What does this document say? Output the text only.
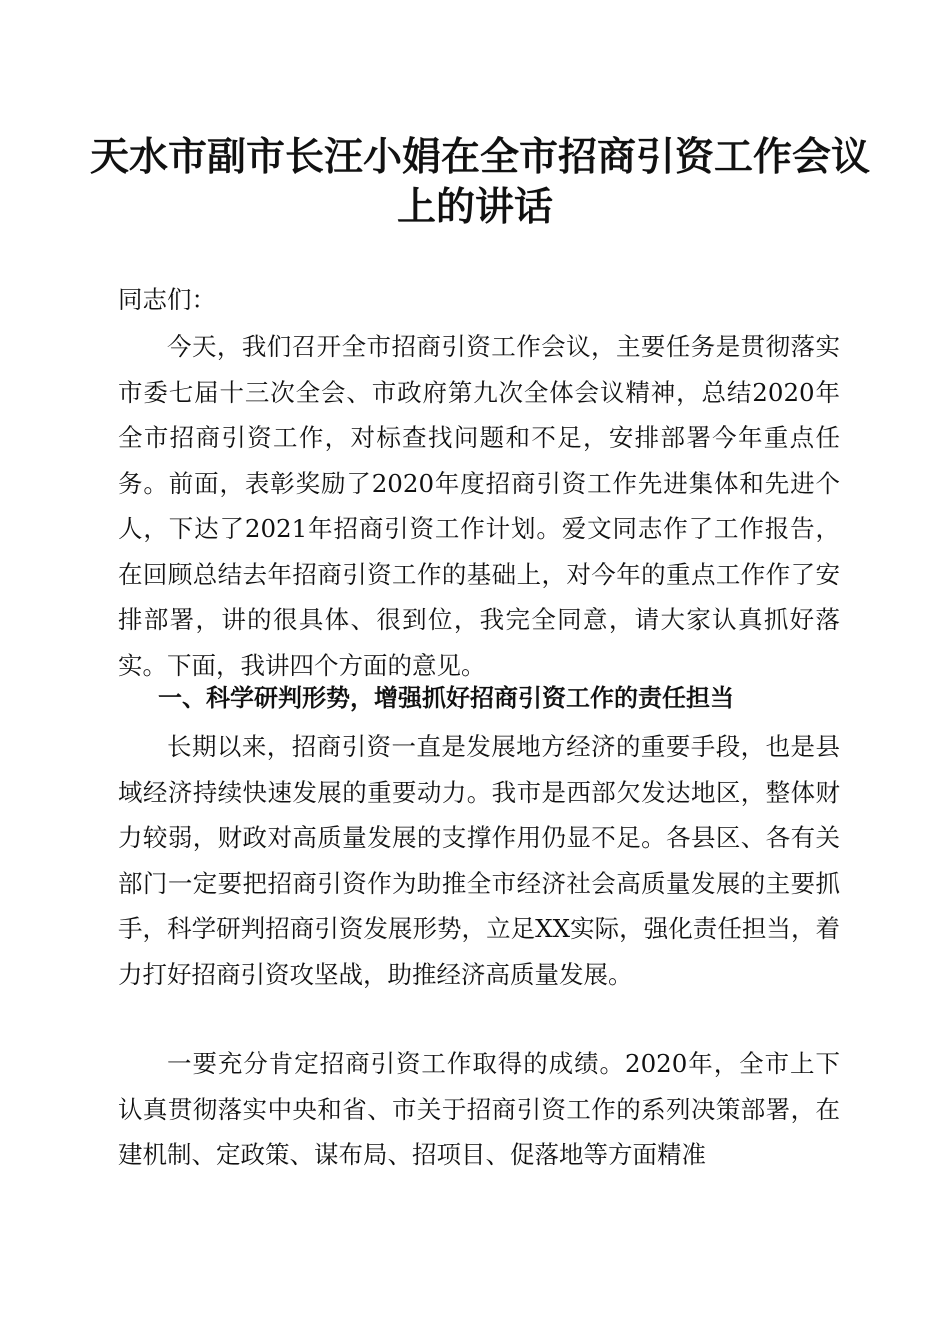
天水市副市长汪小娟在全市招商引资工作会议
上的讲话

同志们：

今天，我们召开全市招商引资工作会议，主要任务是贯彻落实市委七届十三次全会、市政府第九次全体会议精神，总结2020年全市招商引资工作，对标查找问题和不足，安排部署今年重点任务。前面，表彰奖励了2020年度招商引资工作先进集体和先进个人，下达了2021年招商引资工作计划。爱文同志作了工作报告，在回顾总结去年招商引资工作的基础上，对今年的重点工作作了安排部署，讲的很具体、很到位，我完全同意，请大家认真抓好落实。下面，我讲四个方面的意见。

一、科学研判形势，增强抓好招商引资工作的责任担当

长期以来，招商引资一直是发展地方经济的重要手段，也是县域经济持续快速发展的重要动力。我市是西部欠发达地区，整体财力较弱，财政对高质量发展的支撑作用仍显不足。各县区、各有关部门一定要把招商引资作为助推全市经济社会高质量发展的主要抓手，科学研判招商引资发展形势，立足XX实际，强化责任担当，着力打好招商引资攻坚战，助推经济高质量发展。

一要充分肯定招商引资工作取得的成绩。2020年，全市上下认真贯彻落实中央和省、市关于招商引资工作的系列决策部署，在建机制、定政策、谋布局、招项目、促落地等方面精准
